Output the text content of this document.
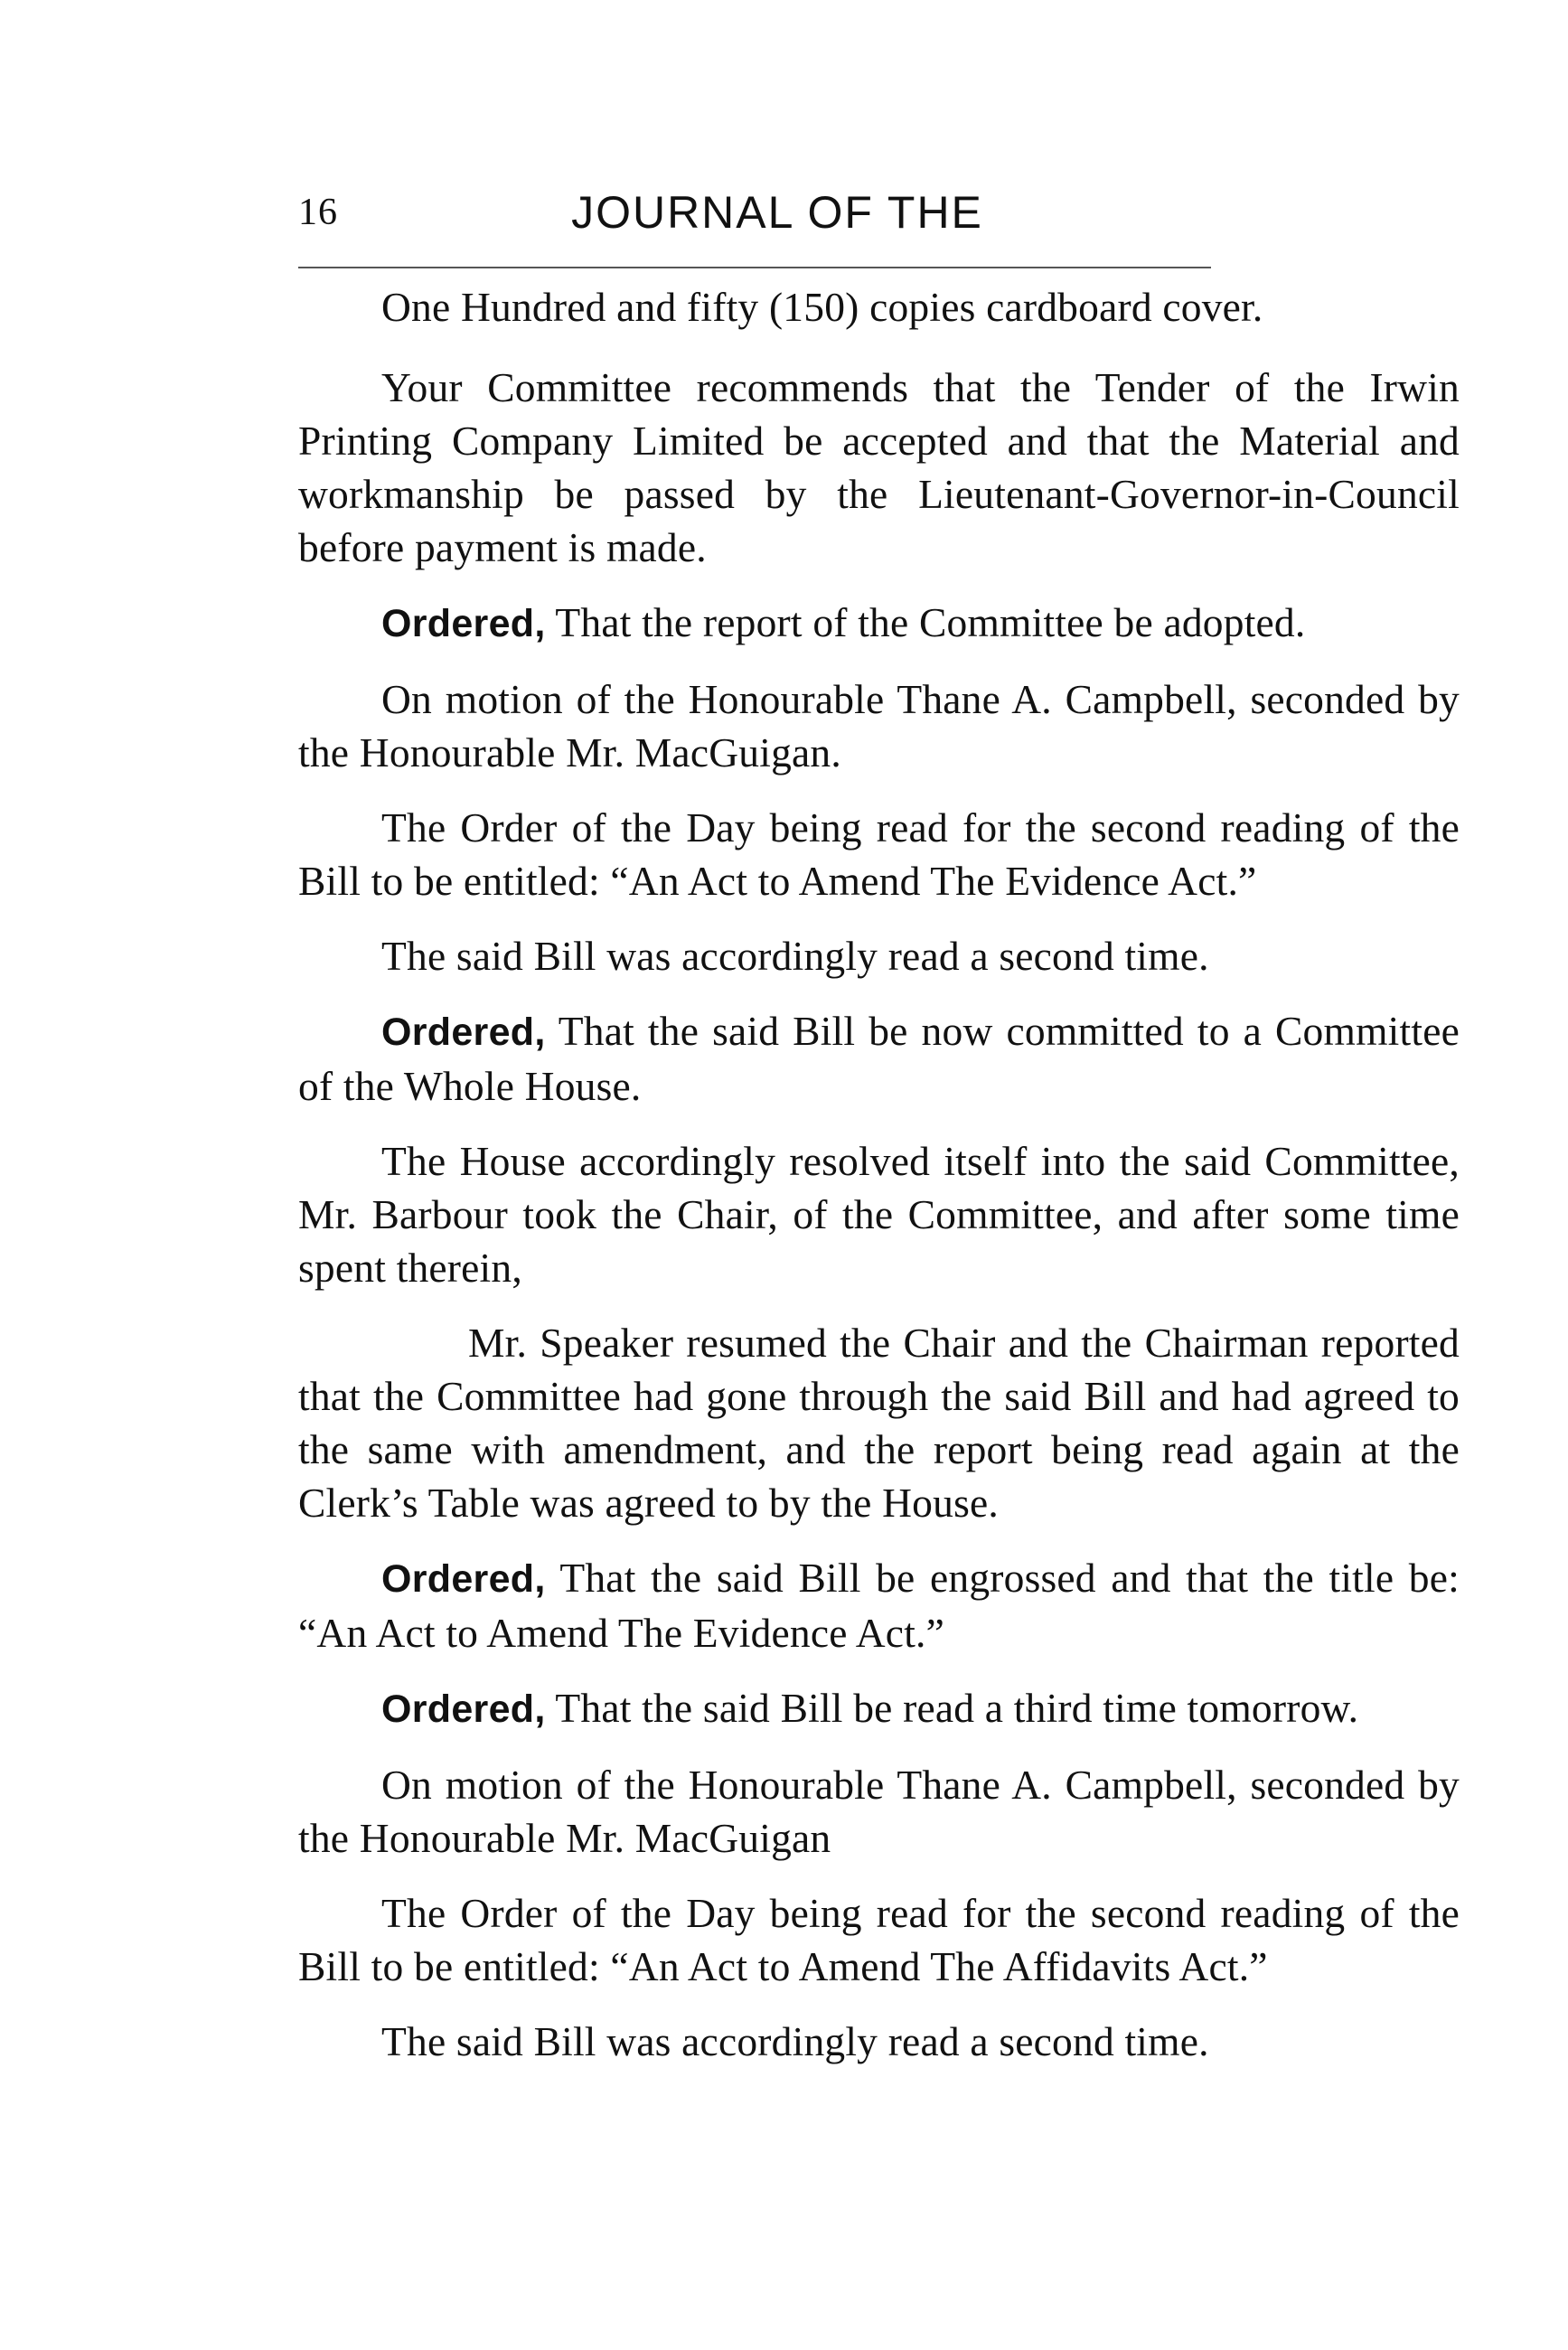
16	JOURNAL OF THE

One Hundred and fifty (150) copies cardboard cover.

Your Committee recommends that the Tender of the Irwin Printing Company Limited be accepted and that the Material and workmanship be passed by the Lieutenant-Governor-in-Council before payment is made.

Ordered, That the report of the Committee be adopted.

On motion of the Honourable Thane A. Campbell, seconded by the Honourable Mr. MacGuigan.

The Order of the Day being read for the second reading of the Bill to be entitled: “An Act to Amend The Evidence Act.”

The said Bill was accordingly read a second time.

Ordered, That the said Bill be now committed to a Committee of the Whole House.

The House accordingly resolved itself into the said Committee, Mr. Barbour took the Chair, of the Committee, and after some time spent therein,

Mr. Speaker resumed the Chair and the Chairman reported that the Committee had gone through the said Bill and had agreed to the same with amendment, and the report being read again at the Clerk’s Table was agreed to by the House.

Ordered, That the said Bill be engrossed and that the title be: “An Act to Amend The Evidence Act.”

Ordered, That the said Bill be read a third time tomorrow.

On motion of the Honourable Thane A. Campbell, seconded by the Honourable Mr. MacGuigan

The Order of the Day being read for the second reading of the Bill to be entitled: “An Act to Amend The Affidavits Act.”

The said Bill was accordingly read a second time.
